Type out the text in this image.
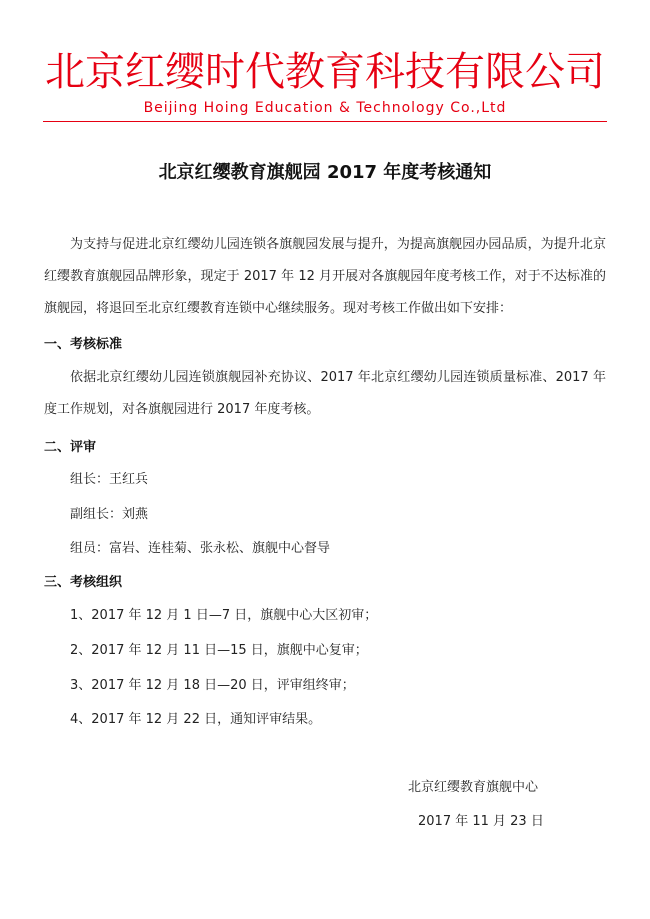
北京红缨时代教育科技有限公司
Beijing Hoing Education & Technology Co.,Ltd
北京红缨教育旗舰园 2017 年度考核通知

为支持与促进北京红缨幼儿园连锁各旗舰园发展与提升，为提高旗舰园办园品质，为提升北京红缨教育旗舰园品牌形象，现定于 2017 年 12 月开展对各旗舰园年度考核工作，对于不达标准的旗舰园，将退回至北京红缨教育连锁中心继续服务。现对考核工作做出如下安排：

一、考核标准

依据北京红缨幼儿园连锁旗舰园补充协议、2017 年北京红缨幼儿园连锁质量标准、2017 年度工作规划，对各旗舰园进行 2017 年度考核。

二、评审
组长：王红兵
副组长：刘燕
组员：富岩、连桂菊、张永松、旗舰中心督导
三、考核组织
1、2017 年 12 月 1 日—7 日，旗舰中心大区初审；
2、2017 年 12 月 11 日—15 日，旗舰中心复审；
3、2017 年 12 月 18 日—20 日，评审组终审；
4、2017 年 12 月 22 日，通知评审结果。
北京红缨教育旗舰中心
2017 年 11 月 23 日
